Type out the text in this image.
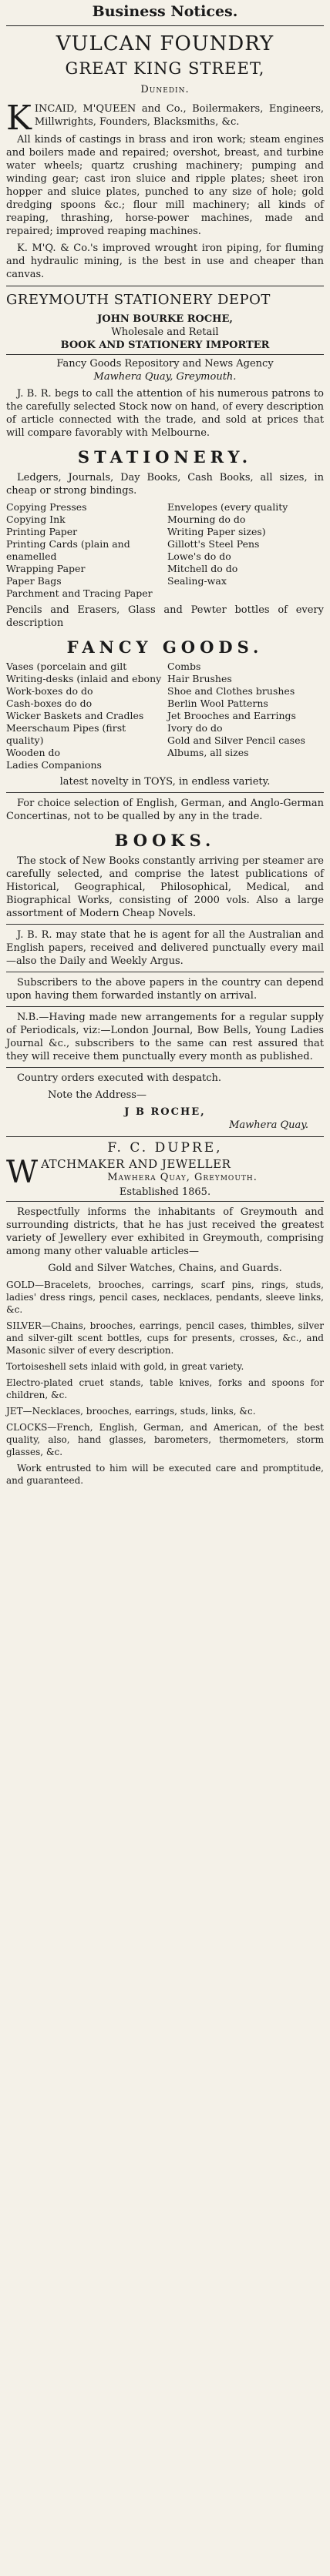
Business Notices.
VULCAN FOUNDRY
GREAT KING STREET,
Dunedin.

KINCAID, M'QUEEN and Co., Boilermakers, Engineers, Millwrights, Founders, Blacksmiths, &c.

All kinds of castings in brass and iron work; steam engines and boilers made and repaired; overshot, breast, and turbine water wheels; quartz crushing machinery; pumping and winding gear; cast iron sluice and ripple plates; sheet iron hopper and sluice plates, punched to any size of hole; gold dredging spoons &c.; flour mill machinery; all kinds of reaping, thrashing, horse-power machines, made and repaired; improved reaping machines.

K. M'Q. & Co.'s improved wrought iron piping, for fluming and hydraulic mining, is the best in use and cheaper than canvas.

GREYMOUTH STATIONERY DEPOT
JOHN BOURKE ROCHE,
Wholesale and Retail
BOOK AND STATIONERY IMPORTER
Fancy Goods Repository and News Agency
Mawhera Quay, Greymouth.

J. B. R. begs to call the attention of his numerous patrons to the carefully selected Stock now on hand, of every description of article connected with the trade, and sold at prices that will compare favorably with Melbourne.

STATIONERY.

Ledgers, Journals, Day Books, Cash Books, all sizes, in cheap or strong bindings.

Copying Presses
Copying Ink
Printing Paper
Printing Cards (plain and enamelled
Wrapping Paper
Paper Bags
Parchment and Tracing Paper
Envelopes (every quality
Mourning do do
Writing Paper sizes)
Gillott's Steel Pens
Lowe's do do
Mitchell do do
Sealing-wax

Pencils and Erasers, Glass and Pewter bottles of every description

FANCY GOODS.
Vases (porcelain and gilt
Writing-desks (inlaid and ebony
Work-boxes do do
Cash-boxes do do
Wicker Baskets and Cradles
Meerschaum Pipes (first quality)
Wooden do
Ladies Companions
Combs
Hair Brushes
Shoe and Clothes brushes
Berlin Wool Patterns
Jet Brooches and Earrings
Ivory do do
Gold and Silver Pencil cases
Albums, all sizes

latest novelty in TOYS, in endless variety.

For choice selection of English, German, and Anglo-German Concertinas, not to be qualled by any in the trade.

BOOKS.

The stock of New Books constantly arriving per steamer are carefully selected, and comprise the latest publications of Historical, Geographical, Philosophical, Medical, and Biographical Works, consisting of 2000 vols. Also a large assortment of Modern Cheap Novels.

J. B. R. may state that he is agent for all the Australian and English papers, received and delivered punctually every mail—also the Daily and Weekly Argus.

Subscribers to the above papers in the country can depend upon having them forwarded instantly on arrival.

N.B.—Having made new arrangements for a regular supply of Periodicals, viz:—London Journal, Bow Bells, Young Ladies Journal &c., subscribers to the same can rest assured that they will receive them punctually every month as published.

Country orders executed with despatch.

Note the Address—

J B ROCHE,
Mawhera Quay.
F. C. DUPRE,
W ATCHMAKER AND JEWELLER
Mawhera Quay, Greymouth.
Established 1865.

Respectfully informs the inhabitants of Greymouth and surrounding districts, that he has just received the greatest variety of Jewellery ever exhibited in Greymouth, comprising among many other valuable articles—

Gold and Silver Watches, Chains, and Guards.

GOLD—Bracelets, brooches, carrings, scarf pins, rings, studs, ladies' dress rings, pencil cases, necklaces, pendants, sleeve links, &c.

SILVER—Chains, brooches, earrings, pencil cases, thimbles, silver and silver-gilt scent bottles, cups for presents, crosses, &c., and Masonic silver of every description.

Tortoiseshell sets inlaid with gold, in great variety.

Electro-plated cruet stands, table knives, forks and spoons for children, &c.

JET—Necklaces, brooches, earrings, studs, links, &c.

CLOCKS—French, English, German, and American, of the best quality, also, hand glasses, barometers, thermometers, storm glasses, &c.

Work entrusted to him will be executed care and promptitude, and guaranteed.
